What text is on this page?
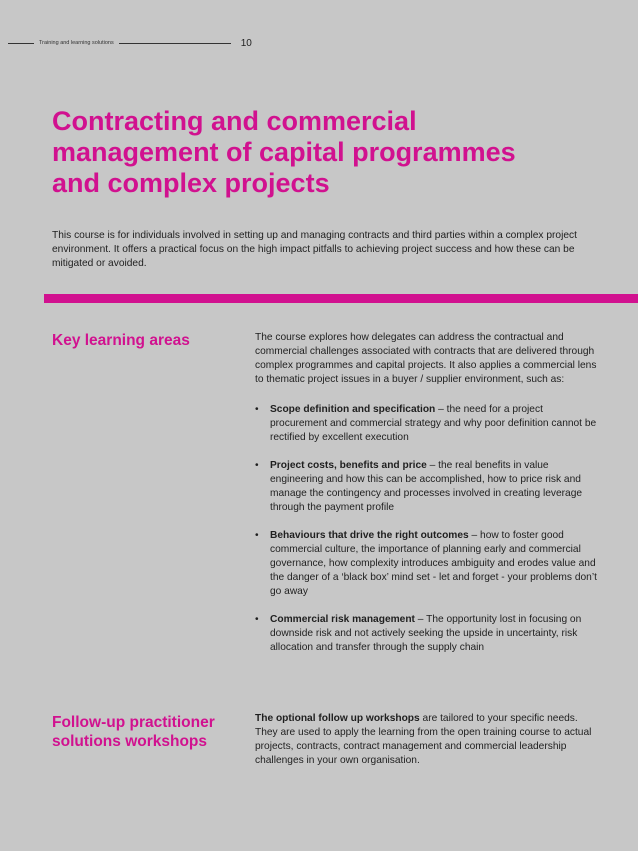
Training and learning solutions	10
Contracting and commercial
management of capital programmes
and complex projects

This course is for individuals involved in setting up and managing contracts and third parties within a complex project environment. It offers a practical focus on the high impact pitfalls to achieving project success and how these can be mitigated or avoided.

Key learning areas	The course explores how delegates can address the contractual and commercial challenges associated with contracts that are delivered through complex programmes and capital projects. It also applies a commercial lens to thematic project issues in a buyer / supplier environment, such as:

• Scope definition and specification – the need for a project procurement and commercial strategy and why poor definition cannot be rectified by excellent execution
• Project costs, benefits and price – the real benefits in value engineering and how this can be accomplished, how to price risk and manage the contingency and processes involved in creating leverage through the payment profile
• Behaviours that drive the right outcomes – how to foster good commercial culture, the importance of planning early and commercial governance, how complexity introduces ambiguity and erodes value and the danger of a ‘black box’ mind set - let and forget - your problems don’t go away
• Commercial risk management – The opportunity lost in focusing on downside risk and not actively seeking the upside in uncertainty, risk allocation and transfer through the supply chain
Follow-up practitioner
solutions workshops

The optional follow up workshops are tailored to your specific needs. They are used to apply the learning from the open training course to actual projects, contracts, contract management and commercial leadership challenges in your own organisation.
